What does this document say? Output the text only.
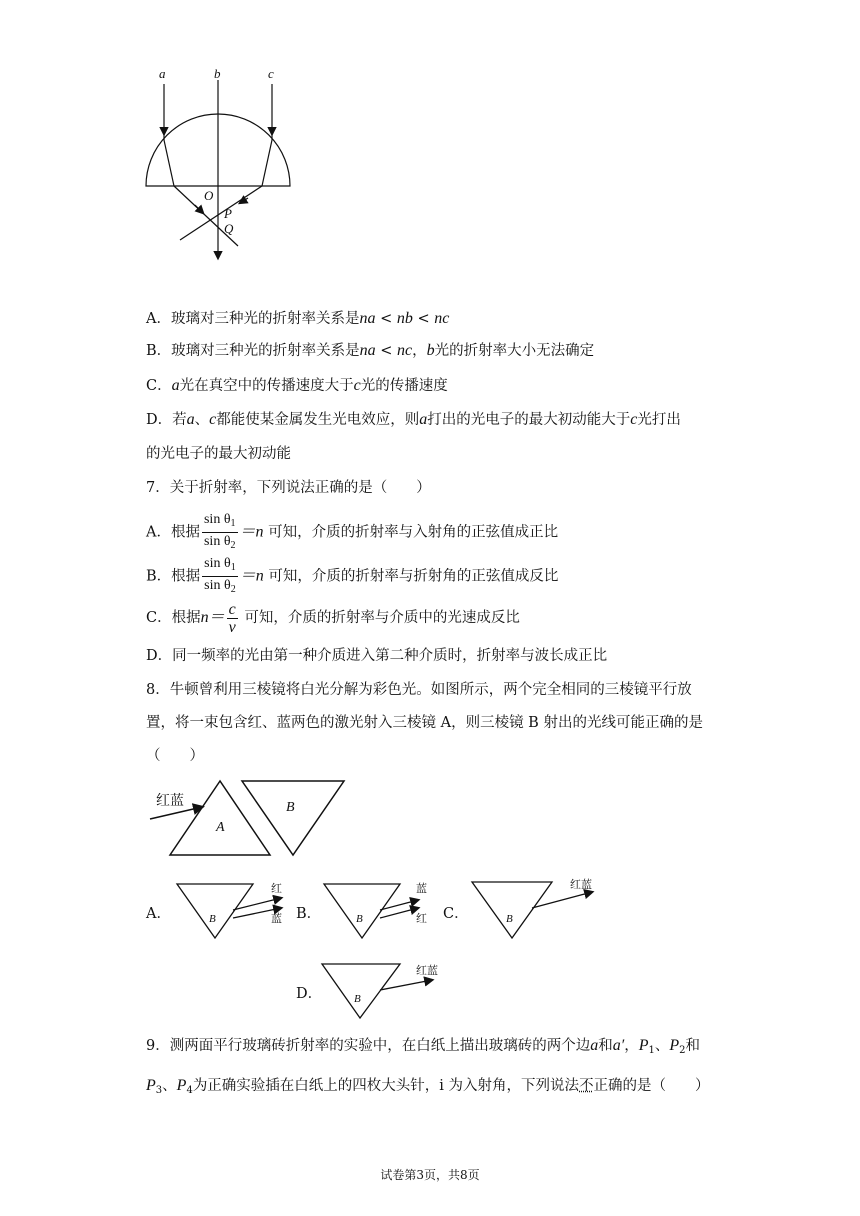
a	b	c
O
P
Q
A．玻璃对三种光的折射率关系是na < nb < nc
B．玻璃对三种光的折射率关系是na < nc，b光的折射率大小无法确定
C．a光在真空中的传播速度大于c光的传播速度
D．若a、c都能使某金属发生光电效应，则a打出的光电子的最大初动能大于c光打出
的光电子的最大初动能
7．关于折射率，下列说法正确的是（　　）
A．根据 $\frac{\sin \theta_1}{\sin \theta_2} =n$ 可知，介质的折射率与入射角的正弦值成正比
B．根据 $\frac{\sin \theta_1}{\sin \theta_2} =n$ 可知，介质的折射率与折射角的正弦值成反比
C．根据$n= \frac{c}{v}$ 可知，介质的折射率与介质中的光速成反比
D．同一频率的光由第一种介质进入第二种介质时，折射率与波长成正比
8．牛顿曾利用三棱镜将白光分解为彩色光。如图所示，两个完全相同的三棱镜平行放
置，将一束包含红、蓝两色的激光射入三棱镜 A，则三棱镜 B 射出的光线可能正确的是
（　　）
红蓝
A
B
A．	B
红
蓝 B．	B
蓝
红 C．	B
红蓝
D．	B
红蓝
9．测两面平行玻璃砖折射率的实验中，在白纸上描出玻璃砖的两个边a和a′，$P_1$、$P_2$和
$P_3$、$P_4$为正确实验插在白纸上的四枚大头针，i 为入射角，下列说法不正确的是（　　）
试卷第3页，共8页
